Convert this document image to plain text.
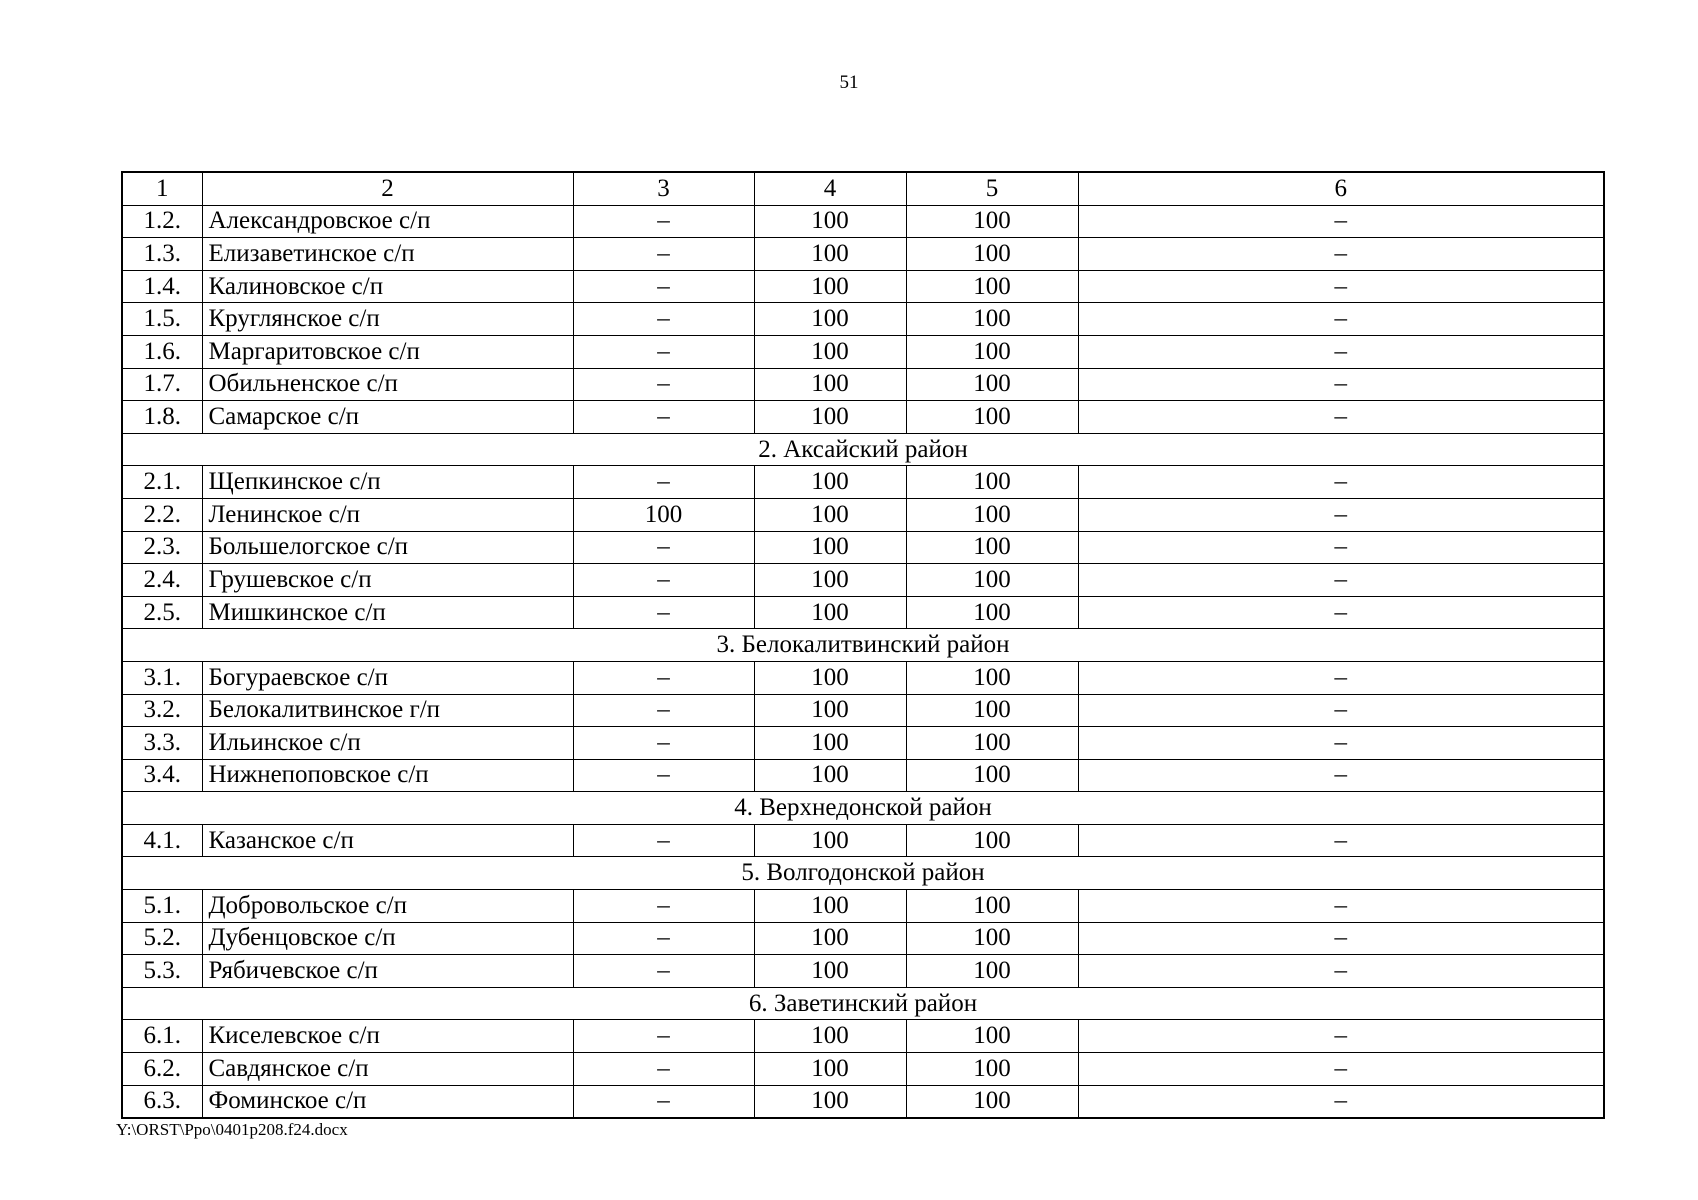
51
1	2	3	4	5	6
1.2.	Александровское с/п	–	100	100	–
1.3.	Елизаветинское с/п	–	100	100	–
1.4.	Калиновское с/п	–	100	100	–
1.5.	Круглянское с/п	–	100	100	–
1.6.	Маргаритовское с/п	–	100	100	–
1.7.	Обильненское с/п	–	100	100	–
1.8.	Самарское с/п	–	100	100	–
2. Аксайский район					
2.1.	Щепкинское с/п	–	100	100	–
2.2.	Ленинское с/п	100	100	100	–
2.3.	Большелогское с/п	–	100	100	–
2.4.	Грушевское с/п	–	100	100	–
2.5.	Мишкинское с/п	–	100	100	–
3. Белокалитвинский район					
3.1.	Богураевское с/п	–	100	100	–
3.2.	Белокалитвинское г/п	–	100	100	–
3.3.	Ильинское с/п	–	100	100	–
3.4.	Нижнепоповское с/п	–	100	100	–
4. Верхнедонской район					
4.1.	Казанское с/п	–	100	100	–
5. Волгодонской район					
5.1.	Добровольское с/п	–	100	100	–
5.2.	Дубенцовское с/п	–	100	100	–
5.3.	Рябичевское с/п	–	100	100	–
6. Заветинский район					
6.1.	Киселевское с/п	–	100	100	–
6.2.	Савдянское с/п	–	100	100	–
6.3.	Фоминское с/п	–	100	100	–
Y:\ORST\Ppo\0401p208.f24.docx
